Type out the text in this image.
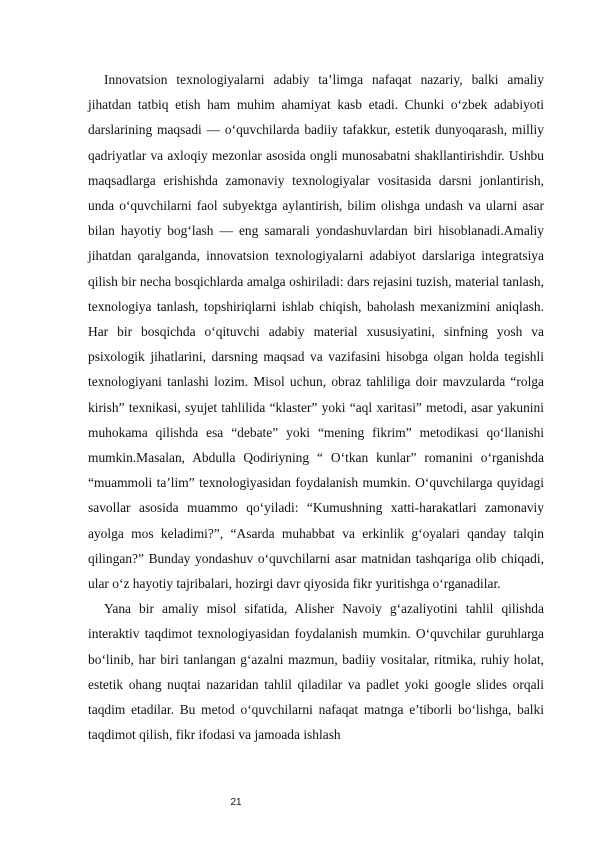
Innovatsion texnologiyalarni adabiy ta’limga nafaqat nazariy, balki amaliy jihatdan tatbiq etish ham muhim ahamiyat kasb etadi. Chunki o‘zbek adabiyoti darslarining maqsadi — o‘quvchilarda badiiy tafakkur, estetik dunyoqarash, milliy qadriyatlar va axloqiy mezonlar asosida ongli munosabatni shakllantirishdir. Ushbu maqsadlarga erishishda zamonaviy texnologiyalar vositasida darsni jonlantirish, unda o‘quvchilarni faol subyektga aylantirish, bilim olishga undash va ularni asar bilan hayotiy bog‘lash — eng samarali yondashuvlardan biri hisoblanadi.Amaliy jihatdan qaralganda, innovatsion texnologiyalarni adabiyot darslariga integratsiya qilish bir necha bosqichlarda amalga oshiriladi: dars rejasini tuzish, material tanlash, texnologiya tanlash, topshiriqlarni ishlab chiqish, baholash mexanizmini aniqlash. Har bir bosqichda o‘qituvchi adabiy material xususiyatini, sinfning yosh va psixologik jihatlarini, darsning maqsad va vazifasini hisobga olgan holda tegishli texnologiyani tanlashi lozim. Misol uchun, obraz tahliliga doir mavzularda “rolga kirish” texnikasi, syujet tahlilida “klaster” yoki “aql xaritasi” metodi, asar yakunini muhokama qilishda esa “debate” yoki “mening fikrim” metodikasi qo‘llanishi mumkin.Masalan, Abdulla Qodiriyning “ O‘tkan kunlar” romanini o‘rganishda “muammoli ta’lim” texnologiyasidan foydalanish mumkin. O‘quvchilarga quyidagi savollar asosida muammo qo‘yiladi: “Kumushning xatti-harakatlari zamonaviy ayolga mos keladimi?”, “Asarda muhabbat va erkinlik g‘oyalari qanday talqin qilingan?” Bunday yondashuv o‘quvchilarni asar matnidan tashqariga olib chiqadi, ular o‘z hayotiy tajribalari, hozirgi davr qiyosida fikr yuritishga o‘rganadilar.

Yana bir amaliy misol sifatida, Alisher Navoiy g‘azaliyotini tahlil qilishda interaktiv taqdimot texnologiyasidan foydalanish mumkin. O‘quvchilar guruhlarga bo‘linib, har biri tanlangan g‘azalni mazmun, badiiy vositalar, ritmika, ruhiy holat, estetik ohang nuqtai nazaridan tahlil qiladilar va padlet yoki google slides orqali taqdim etadilar. Bu metod o‘quvchilarni nafaqat matnga e’tiborli bo‘lishga, balki taqdimot qilish, fikr ifodasi va jamoada ishlash

21
